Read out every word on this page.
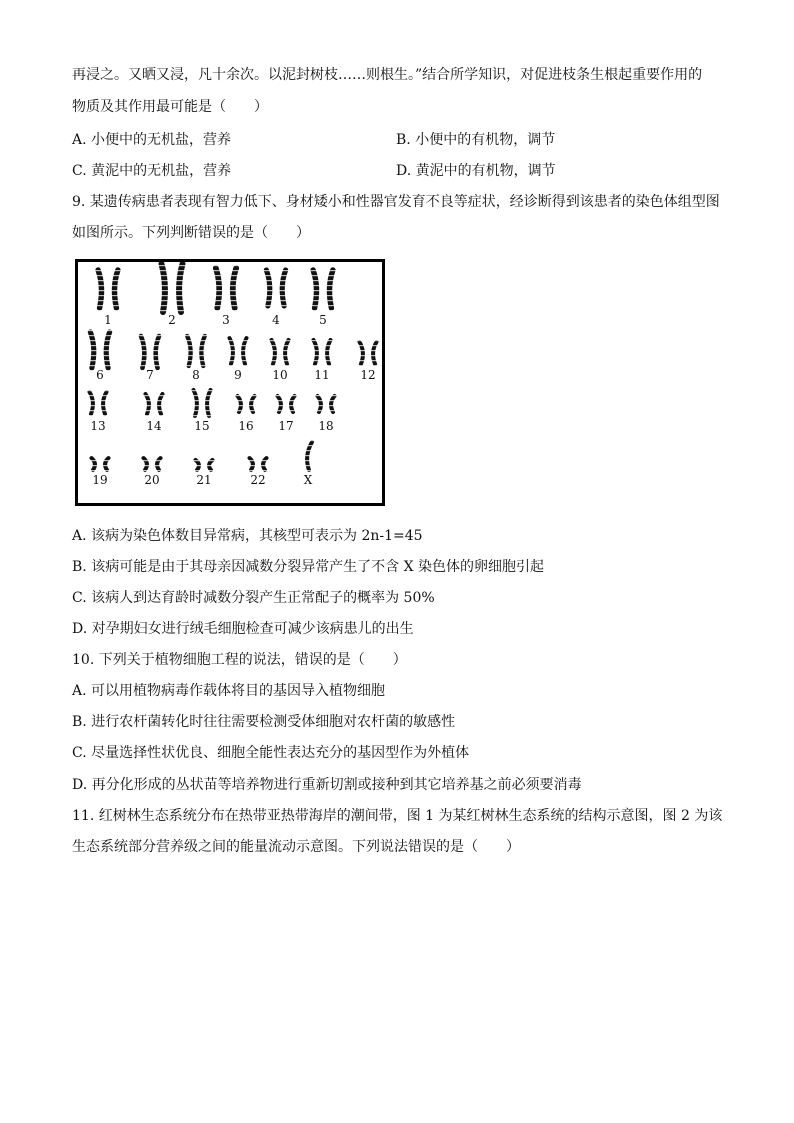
再浸之。又晒又浸，凡十余次。以泥封树枝……则根生。”结合所学知识，对促进枝条生根起重要作用的
物质及其作用最可能是（　　）
A. 小便中的无机盐，营养	B. 小便中的有机物，调节
C. 黄泥中的无机盐，营养	D. 黄泥中的有机物，调节
9. 某遗传病患者表现有智力低下、身材矮小和性器官发育不良等症状，经诊断得到该患者的染色体组型图
如图所示。下列判断错误的是（　　）
1	2	3	4	5
6	7	8	9	10 11	12
13	14	15 16 17 18
19	20	21	22	X
A. 该病为染色体数目异常病，其核型可表示为 2n-1=45
B. 该病可能是由于其母亲因减数分裂异常产生了不含 X 染色体的卵细胞引起
C. 该病人到达育龄时减数分裂产生正常配子的概率为 50%
D. 对孕期妇女进行绒毛细胞检查可减少该病患儿的出生
10. 下列关于植物细胞工程的说法，错误的是（　　）
A. 可以用植物病毒作载体将目的基因导入植物细胞
B. 进行农杆菌转化时往往需要检测受体细胞对农杆菌的敏感性
C. 尽量选择性状优良、细胞全能性表达充分的基因型作为外植体
D. 再分化形成的丛状苗等培养物进行重新切割或接种到其它培养基之前必须要消毒
11. 红树林生态系统分布在热带亚热带海岸的潮间带，图 1 为某红树林生态系统的结构示意图，图 2 为该
生态系统部分营养级之间的能量流动示意图。下列说法错误的是（　　）
